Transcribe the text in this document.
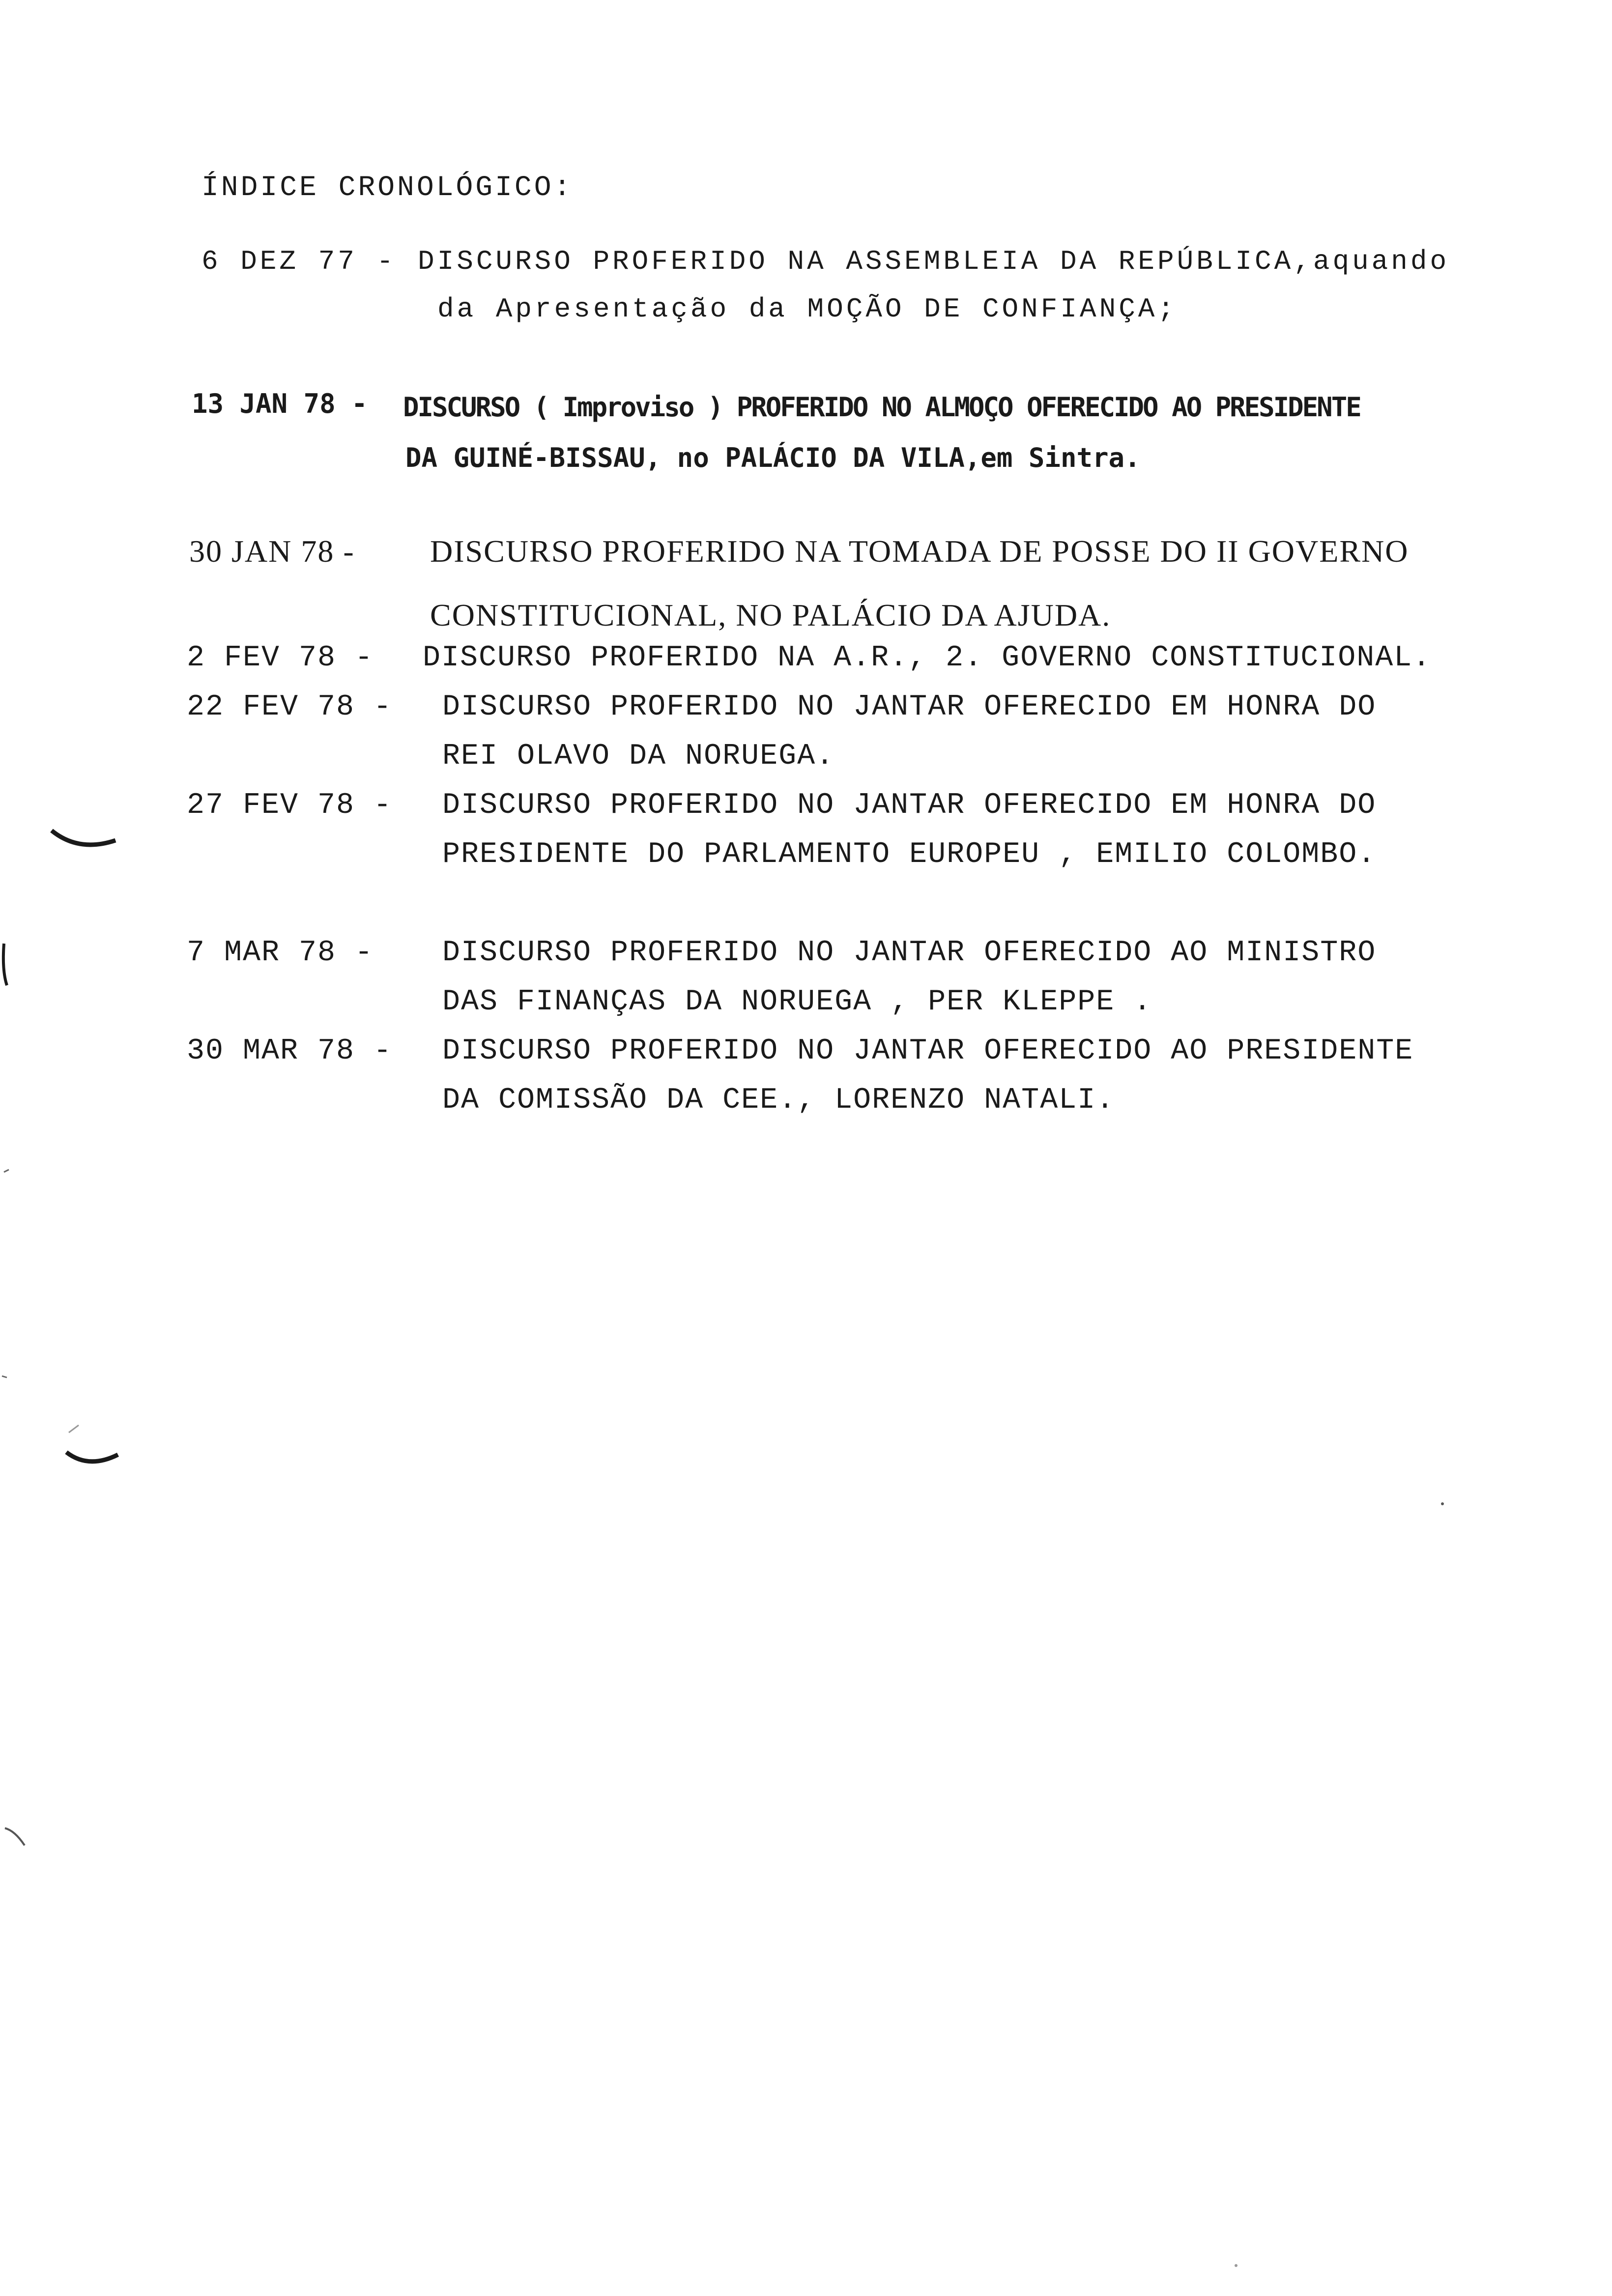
ÍNDICE CRONOLÓGICO:
6 DEZ 77 - DISCURSO PROFERIDO NA ASSEMBLEIA DA REPÚBLICA,aquando
da Apresentação da MOÇÃO DE CONFIANÇA;
13 JAN 78 - DISCURSO ( Improviso ) PROFERIDO NO ALMOÇO OFERECIDO AO PRESIDENTE
DA GUINÉ-BISSAU, no PALÁCIO DA VILA,em Sintra.
30 JAN 78 - DISCURSO PROFERIDO NA TOMADA DE POSSE DO II GOVERNO
CONSTITUCIONAL, NO PALÁCIO DA AJUDA.
2 FEV 78 - DISCURSO PROFERIDO NA A.R., 2. GOVERNO CONSTITUCIONAL.
22 FEV 78 - DISCURSO PROFERIDO NO JANTAR OFERECIDO EM HONRA DO
REI OLAVO DA NORUEGA.
27 FEV 78 - DISCURSO PROFERIDO NO JANTAR OFERECIDO EM HONRA DO
PRESIDENTE DO PARLAMENTO EUROPEU , EMILIO COLOMBO.
7 MAR 78 - DISCURSO PROFERIDO NO JANTAR OFERECIDO AO MINISTRO
DAS FINANÇAS DA NORUEGA , PER KLEPPE .
30 MAR 78 - DISCURSO PROFERIDO NO JANTAR OFERECIDO AO PRESIDENTE
DA COMISSÃO DA CEE., LORENZO NATALI.
